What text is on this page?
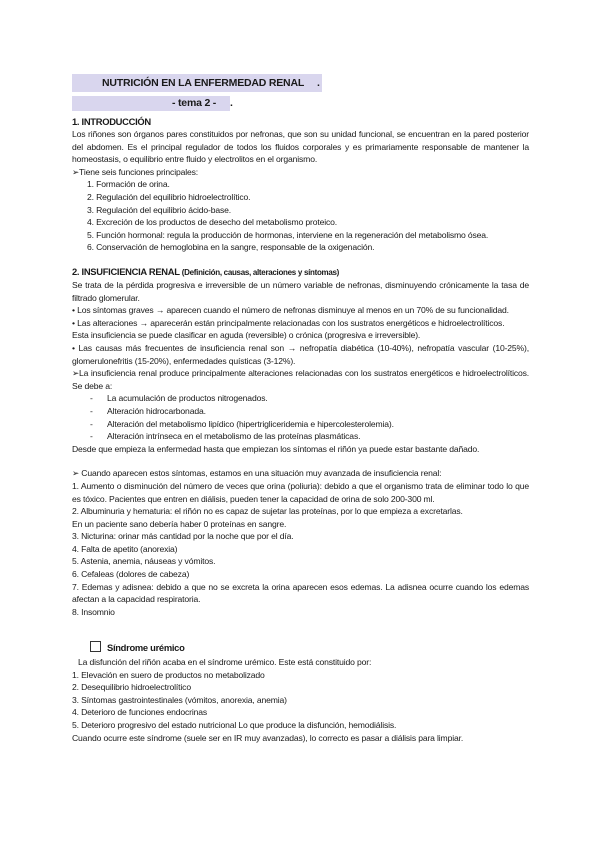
NUTRICIÓN EN LA ENFERMEDAD RENAL .
- tema 2 - .
1. INTRODUCCIÓN

Los riñones son órganos pares constituidos por nefronas, que son su unidad funcional, se encuentran en la pared posterior del abdomen. Es el principal regulador de todos los fluidos corporales y es primariamente responsable de mantener la homeostasis, o equilibrio entre fluido y electrolitos en el organismo.

➢Tiene seis funciones principales:
1. Formación de orina.
2. Regulación del equilibrio hidroelectrolítico.
3. Regulación del equilibrio ácido-base.
4. Excreción de los productos de desecho del metabolismo proteico.
5. Función hormonal: regula la producción de hormonas, interviene en la regeneración del metabolismo ósea.
6. Conservación de hemoglobina en la sangre, responsable de la oxigenación.
2. INSUFICIENCIA RENAL (Definición, causas, alteraciones y síntomas)

Se trata de la pérdida progresiva e irreversible de un número variable de nefronas, disminuyendo crónicamente la tasa de filtrado glomerular.

• Los síntomas graves → aparecen cuando el número de nefronas disminuye al menos en un 70% de su funcionalidad.

• Las alteraciones → aparecerán están principalmente relacionadas con los sustratos energéticos e hidroelectrolíticos.

Esta insuficiencia se puede clasificar en aguda (reversible) o crónica (progresiva e irreversible).

• Las causas más frecuentes de insuficiencia renal son → nefropatía diabética (10-40%), nefropatía vascular (10-25%), glomerulonefritis (15-20%), enfermedades quísticas (3-12%).

➢La insuficiencia renal produce principalmente alteraciones relacionadas con los sustratos energéticos e hidroelectrolíticos. Se debe a:

- La acumulación de productos nitrogenados.
- Alteración hidrocarbonada.
- Alteración del metabolismo lipídico (hipertrigliceridemia e hipercolesterolemia).
- Alteración intrínseca en el metabolismo de las proteínas plasmáticas.

Desde que empieza la enfermedad hasta que empiezan los síntomas el riñón ya puede estar bastante dañado.

➢ Cuando aparecen estos síntomas, estamos en una situación muy avanzada de insuficiencia renal:

1. Aumento o disminución del número de veces que orina (poliuria): debido a que el organismo trata de eliminar todo lo que es tóxico. Pacientes que entren en diálisis, pueden tener la capacidad de orina de solo 200-300 ml.

2. Albuminuria y hematuria: el riñón no es capaz de sujetar las proteínas, por lo que empieza a excretarlas.

En un paciente sano debería haber 0 proteínas en sangre.

3. Nicturina: orinar más cantidad por la noche que por el día.

4. Falta de apetito (anorexia)

5. Astenia, anemia, náuseas y vómitos.

6. Cefaleas (dolores de cabeza)

7. Edemas y adisnea: debido a que no se excreta la orina aparecen esos edemas. La adisnea ocurre cuando los edemas afectan a la capacidad respiratoria.

8. Insomnio

Síndrome urémico
La disfunción del riñón acaba en el síndrome urémico. Este está constituido por:
1. Elevación en suero de productos no metabolizado
2. Desequilibrio hidroelectrolítico
3. Síntomas gastrointestinales (vómitos, anorexia, anemia)
4. Deterioro de funciones endocrinas
5. Deterioro progresivo del estado nutricional Lo que produce la disfunción, hemodiálisis.
Cuando ocurre este síndrome (suele ser en IR muy avanzadas), lo correcto es pasar a diálisis para limpiar.
